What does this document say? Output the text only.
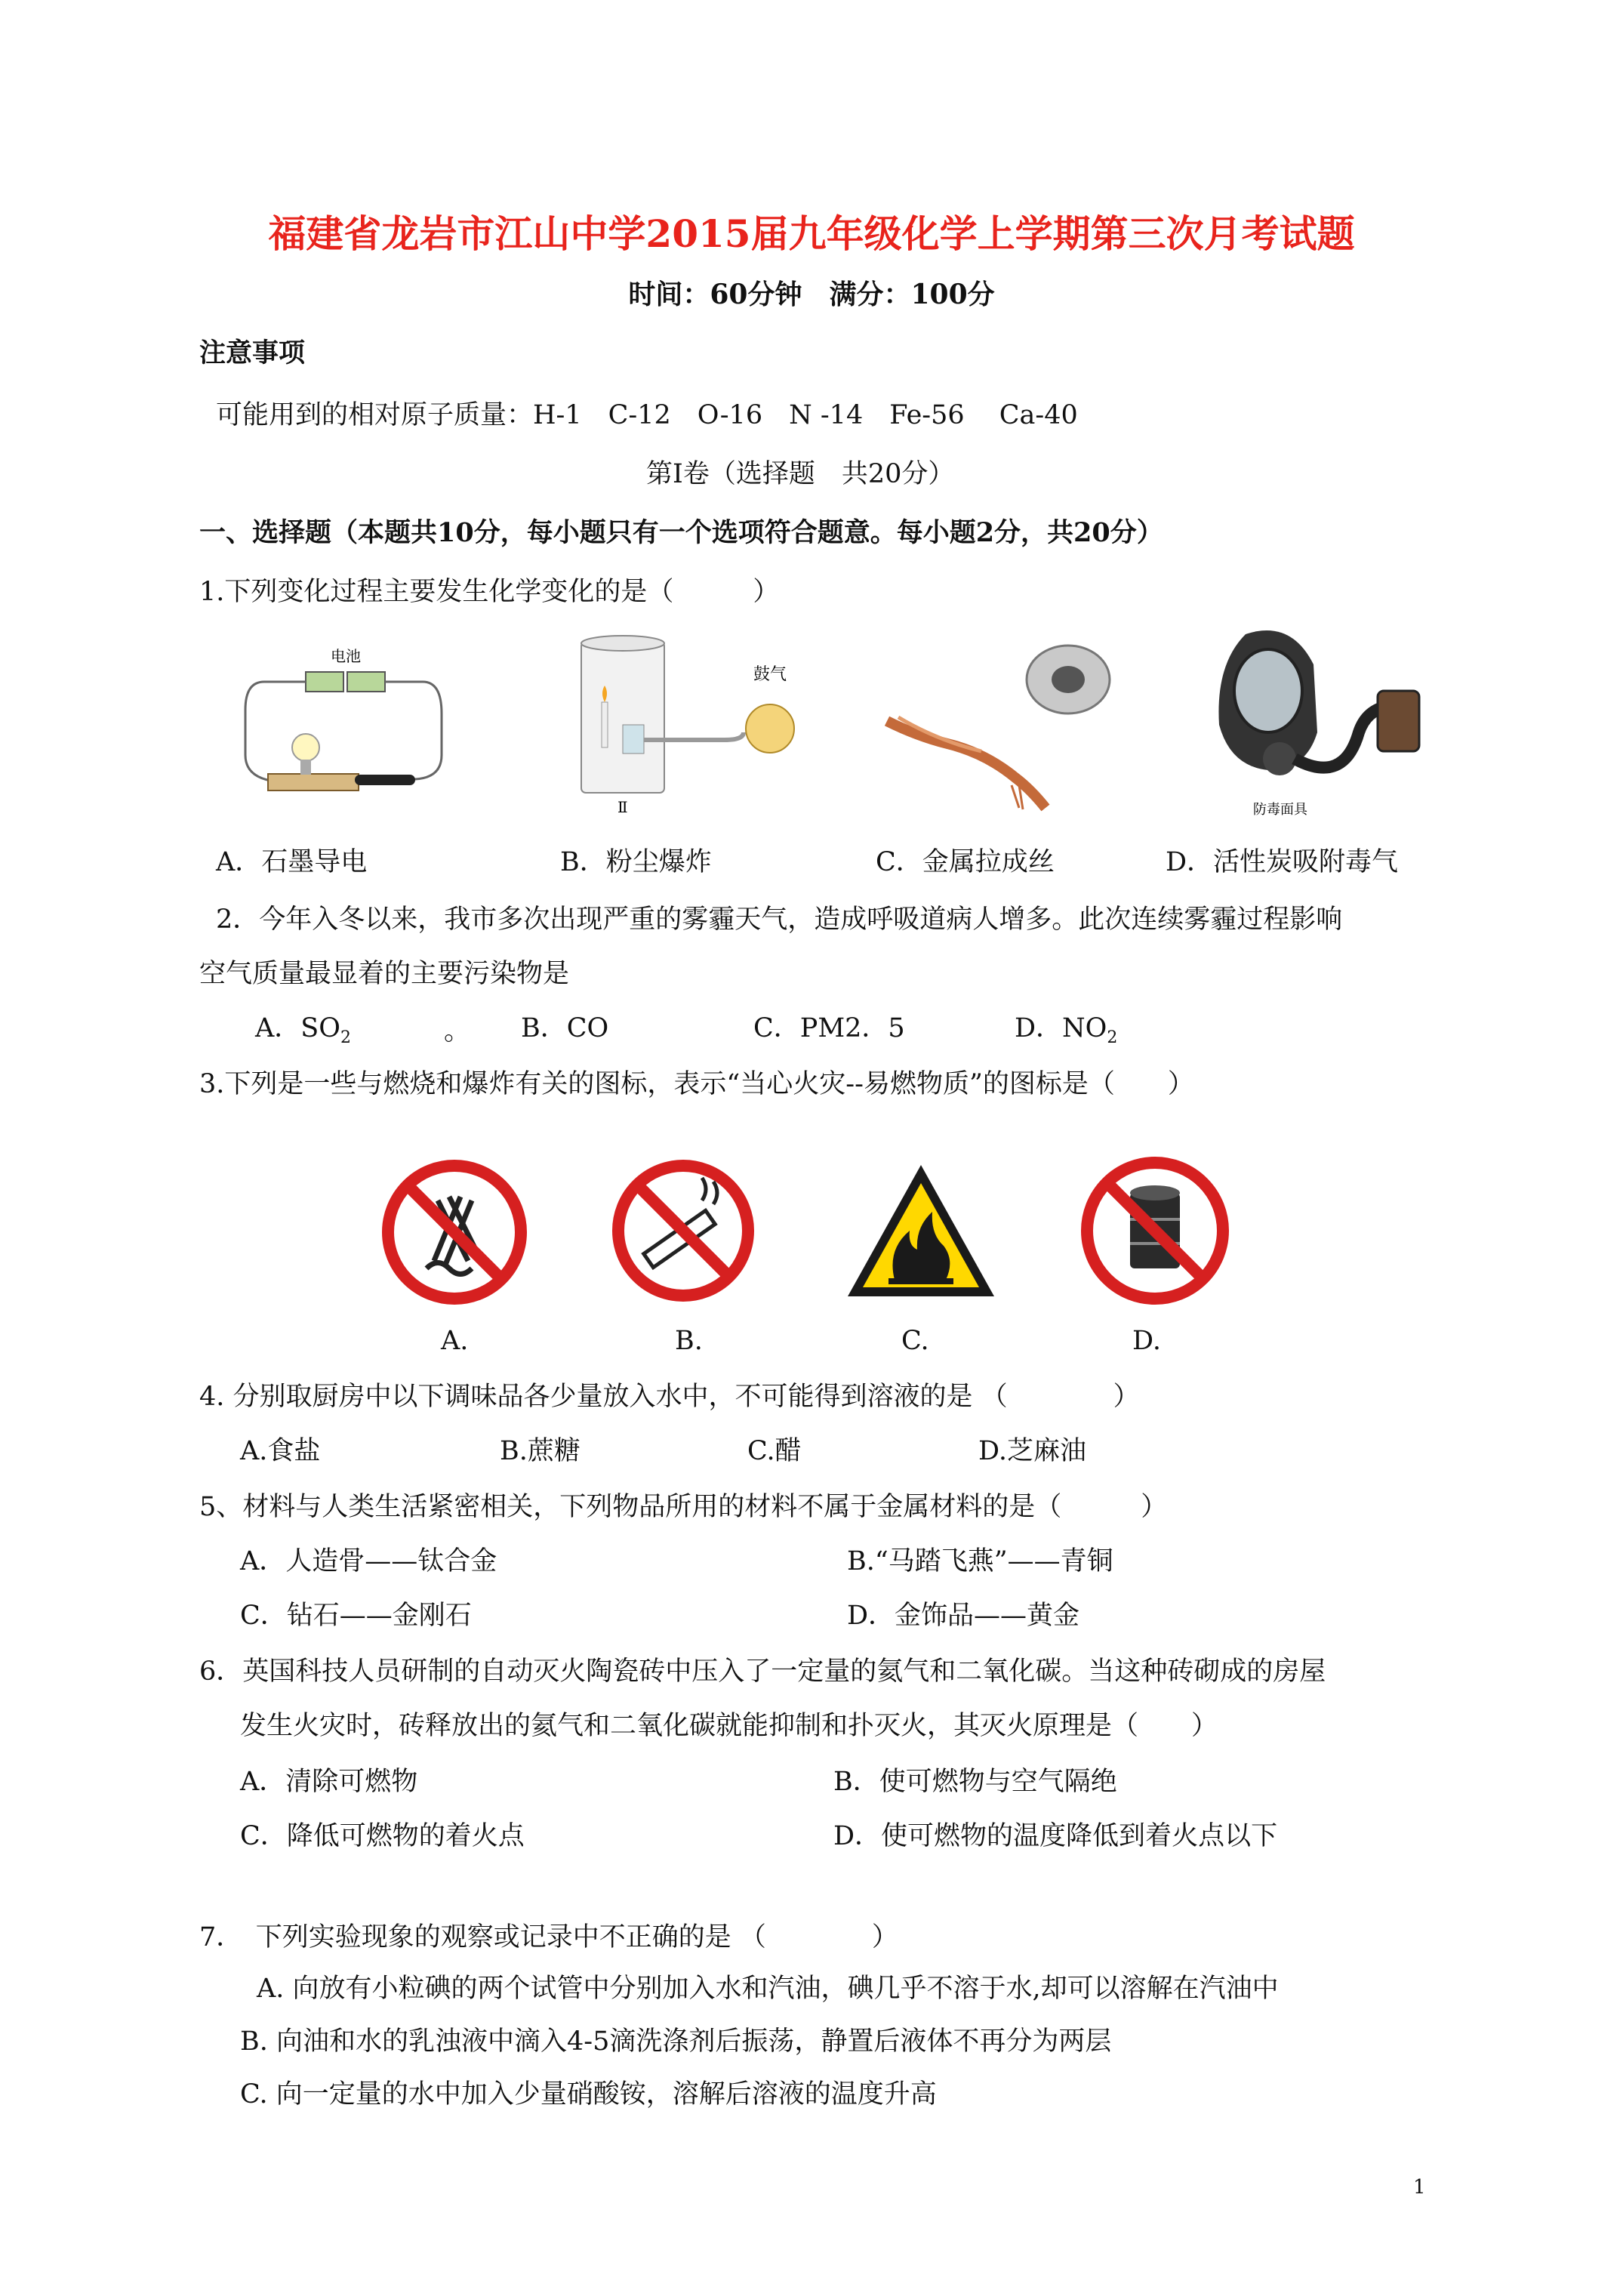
福建省龙岩市江山中学2015届九年级化学上学期第三次月考试题
时间：60分钟　满分：100分
注意事项
可能用到的相对原子质量：H-1　C-12　O-16　N -14　Fe-56　 Ca-40
第Ⅰ卷（选择题　共20分）
一、选择题（本题共10分，每小题只有一个选项符合题意。每小题2分，共20分）
1.下列变化过程主要发生化学变化的是（　　　）
电池
鼓气
Ⅱ	防毒面具
A．石墨导电	B．粉尘爆炸	C．金属拉成丝	D．活性炭吸附毒气
2．今年入冬以来，我市多次出现严重的雾霾天气，造成呼吸道病人增多。此次连续雾霾过程影响
空气质量最显着的主要污染物是
A．$SO_2$	。 B．CO	C．PM2．5	D．$NO_2$
3.下列是一些与燃烧和爆炸有关的图标，表示“当心火灾--易燃物质”的图标是（　　）
A.	B.	C.	D.
4. 分别取厨房中以下调味品各少量放入水中，不可能得到溶液的是 （　　　　）
A.食盐	B.蔗糖	C.醋	D.芝麻油
5、材料与人类生活紧密相关，下列物品所用的材料不属于金属材料的是（　　　）
A．人造骨——钛合金	B.“马踏飞燕”——青铜
C．钻石——金刚石	D．金饰品——黄金
6．英国科技人员研制的自动灭火陶瓷砖中压入了一定量的氦气和二氧化碳。当这种砖砌成的房屋
发生火灾时，砖释放出的氦气和二氧化碳就能抑制和扑灭火，其灭火原理是（　　）
A．清除可燃物	B．使可燃物与空气隔绝
C．降低可燃物的着火点	D．使可燃物的温度降低到着火点以下
7．　下列实验现象的观察或记录中不正确的是 （　　　　）
A. 向放有小粒碘的两个试管中分别加入水和汽油，碘几乎不溶于水,却可以溶解在汽油中
B. 向油和水的乳浊液中滴入4-5滴洗涤剂后振荡，静置后液体不再分为两层
C. 向一定量的水中加入少量硝酸铵，溶解后溶液的温度升高
1
